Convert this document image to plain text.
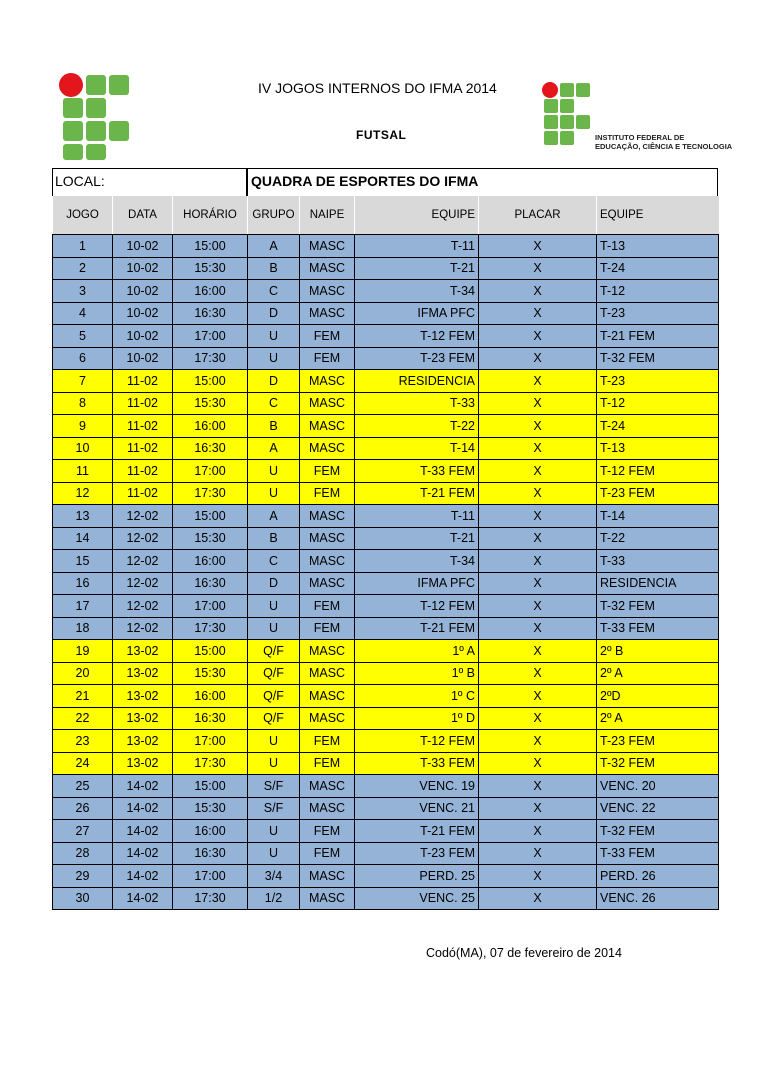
INSTITUTO FEDERAL DE
EDUCAÇÃO, CIÊNCIA E TECNOLOGIA
IV JOGOS INTERNOS DO IFMA 2014
FUTSAL
LOCAL:	QUADRA DE ESPORTES DO IFMA
JOGO	DATA	HORÁRIO	GRUPO	NAIPE	EQUIPE	PLACAR			EQUIPE
1	10-02	15:00	A	MASC	T-11		X		T-13
2	10-02	15:30	B	MASC	T-21		X		T-24
3	10-02	16:00	C	MASC	T-34		X		T-12
4	10-02	16:30	D	MASC	IFMA PFC		X		T-23
5	10-02	17:00	U	FEM	T-12 FEM		X		T-21 FEM
6	10-02	17:30	U	FEM	T-23 FEM		X		T-32 FEM
7	11-02	15:00	D	MASC	RESIDENCIA		X		T-23
8	11-02	15:30	C	MASC	T-33		X		T-12
9	11-02	16:00	B	MASC	T-22		X		T-24
10	11-02	16:30	A	MASC	T-14		X		T-13
11	11-02	17:00	U	FEM	T-33 FEM		X		T-12 FEM
12	11-02	17:30	U	FEM	T-21 FEM		X		T-23 FEM
13	12-02	15:00	A	MASC	T-11		X		T-14
14	12-02	15:30	B	MASC	T-21		X		T-22
15	12-02	16:00	C	MASC	T-34		X		T-33
16	12-02	16:30	D	MASC	IFMA PFC		X		RESIDENCIA
17	12-02	17:00	U	FEM	T-12 FEM		X		T-32 FEM
18	12-02	17:30	U	FEM	T-21 FEM		X		T-33 FEM
19	13-02	15:00	Q/F	MASC	1º A		X		2º B
20	13-02	15:30	Q/F	MASC	1º B		X		2º A
21	13-02	16:00	Q/F	MASC	1º C		X		2ºD
22	13-02	16:30	Q/F	MASC	1º D		X		2º A
23	13-02	17:00	U	FEM	T-12 FEM		X		T-23 FEM
24	13-02	17:30	U	FEM	T-33 FEM		X		T-32 FEM
25	14-02	15:00	S/F	MASC	VENC. 19		X		VENC. 20
26	14-02	15:30	S/F	MASC	VENC. 21		X		VENC. 22
27	14-02	16:00	U	FEM	T-21 FEM		X		T-32 FEM
28	14-02	16:30	U	FEM	T-23 FEM		X		T-33 FEM
29	14-02	17:00	3/4	MASC	PERD. 25		X		PERD. 26
30	14-02	17:30	1/2	MASC	VENC. 25		X		VENC. 26
Codó(MA), 07 de fevereiro de 2014
